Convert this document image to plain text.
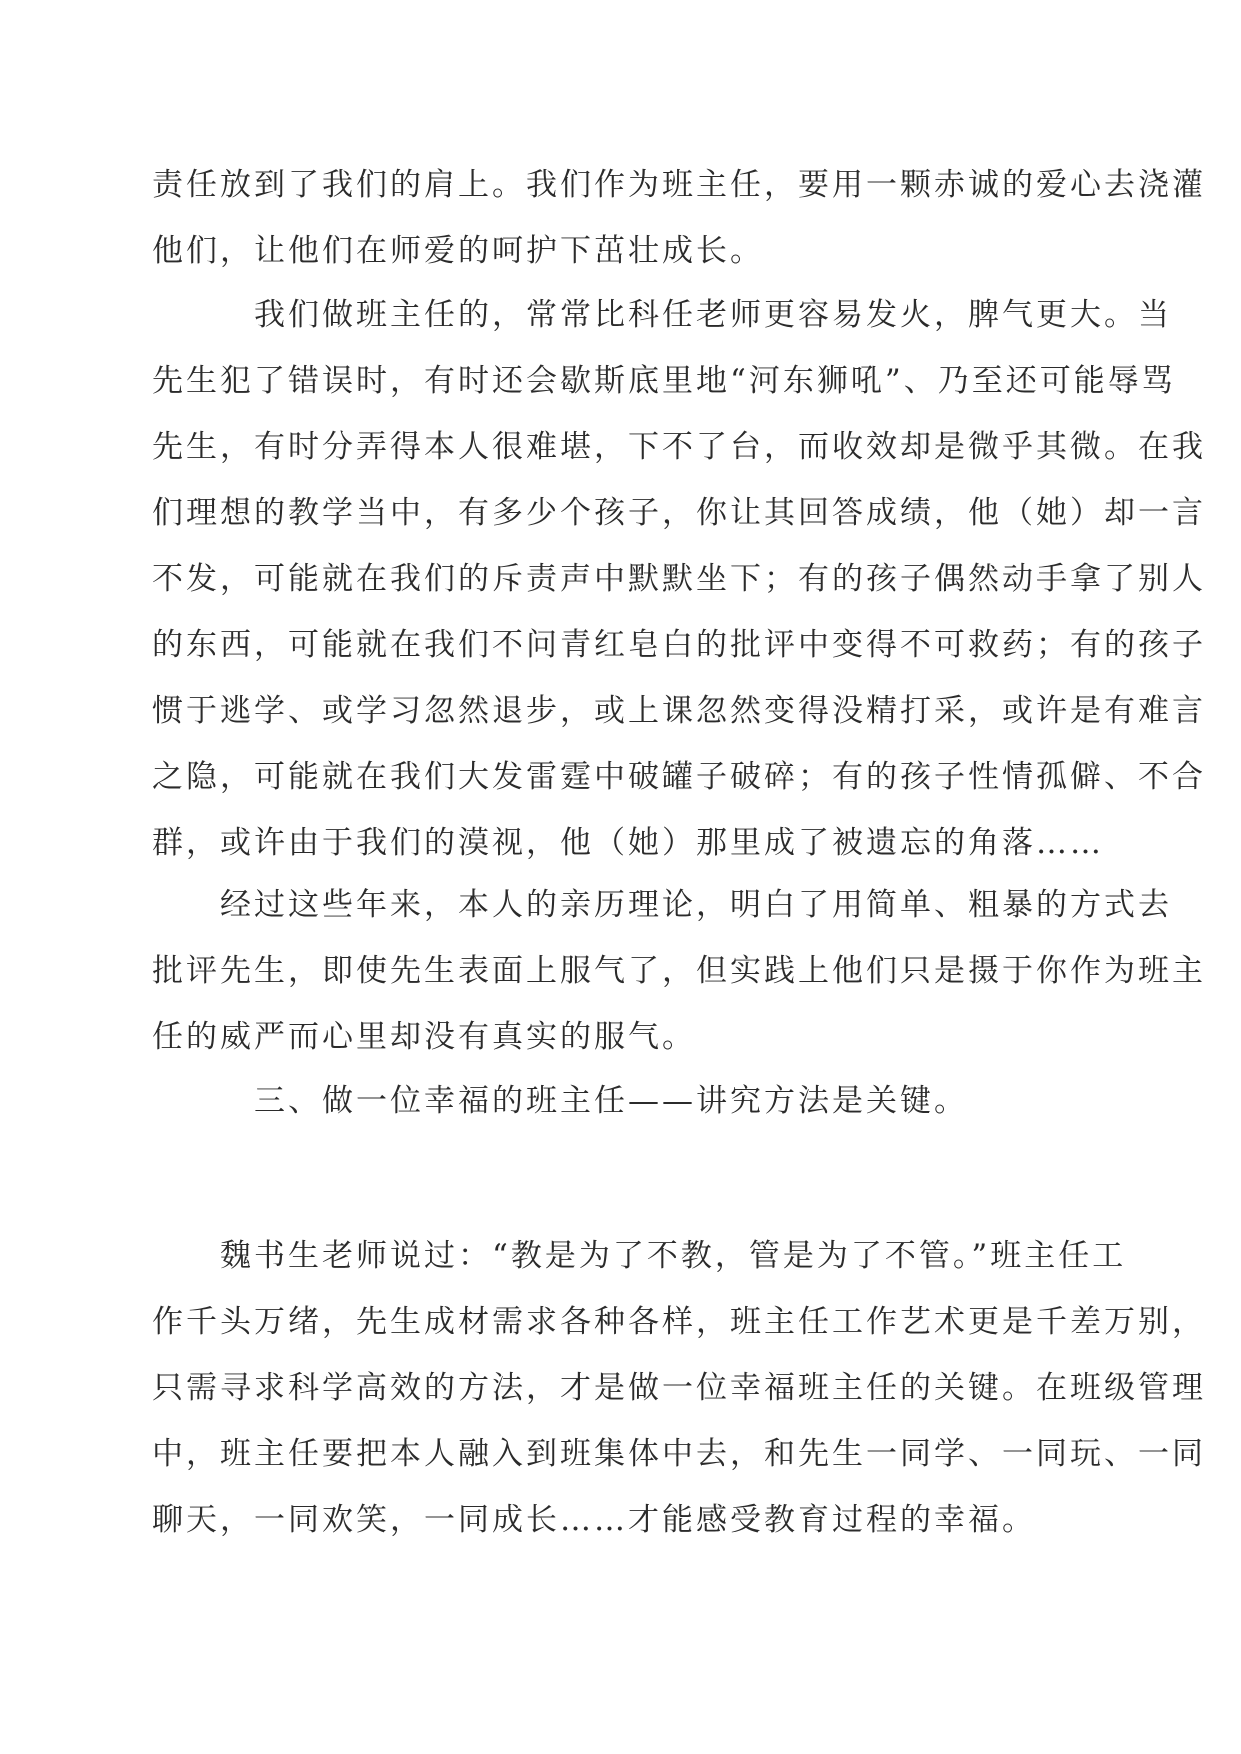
责任放到了我们的肩上。我们作为班主任，要用一颗赤诚的爱心去浇灌
他们，让他们在师爱的呵护下茁壮成长。
　　　我们做班主任的，常常比科任老师更容易发火，脾气更大。当
先生犯了错误时，有时还会歇斯底里地“河东狮吼”、乃至还可能辱骂
先生，有时分弄得本人很难堪，下不了台，而收效却是微乎其微。在我
们理想的教学当中，有多少个孩子，你让其回答成绩，他（她）却一言
不发，可能就在我们的斥责声中默默坐下；有的孩子偶然动手拿了别人
的东西，可能就在我们不问青红皂白的批评中变得不可救药；有的孩子
惯于逃学、或学习忽然退步，或上课忽然变得没精打采，或许是有难言
之隐，可能就在我们大发雷霆中破罐子破碎；有的孩子性情孤僻、不合
群，或许由于我们的漠视，他（她）那里成了被遗忘的角落……
　　经过这些年来，本人的亲历理论，明白了用简单、粗暴的方式去
批评先生，即使先生表面上服气了，但实践上他们只是摄于你作为班主
任的威严而心里却没有真实的服气。
　　　三、做一位幸福的班主任——讲究方法是关键。
　　魏书生老师说过：“教是为了不教，管是为了不管。”班主任工
作千头万绪，先生成材需求各种各样，班主任工作艺术更是千差万别，
只需寻求科学高效的方法，才是做一位幸福班主任的关键。在班级管理
中，班主任要把本人融入到班集体中去，和先生一同学、一同玩、一同
聊天，一同欢笑，一同成长……才能感受教育过程的幸福。
